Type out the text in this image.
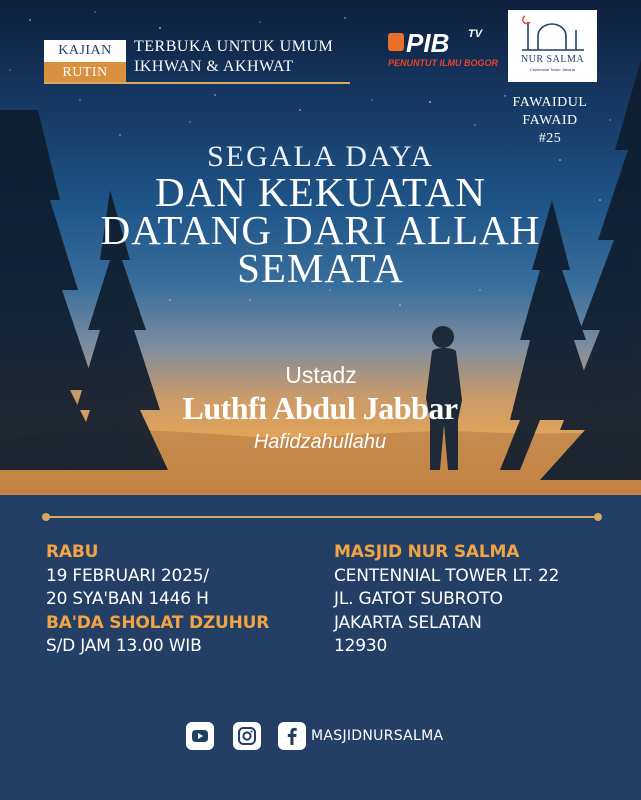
KAJIAN
RUTIN
TERBUKA UNTUK UMUM
IKHWAN & AKHWAT
PIB TV
PENUNTUT ILMU BOGOR	NUR SALMA
Centennial Tower Jakarta
FAWAIDUL
FAWAID
#25
SEGALA DAYA
DAN KEKUATAN
DATANG DARI ALLAH
SEMATA
Ustadz
Luthfi Abdul Jabbar
Hafidzahullahu
RABU
19 FEBRUARI 2025/
20 SYA'BAN 1446 H
BA'DA SHOLAT DZUHUR
S/D JAM 13.00 WIB
MASJID NUR SALMA
CENTENNIAL TOWER LT. 22
JL. GATOT SUBROTO
JAKARTA SELATAN
12930
MASJIDNURSALMA
